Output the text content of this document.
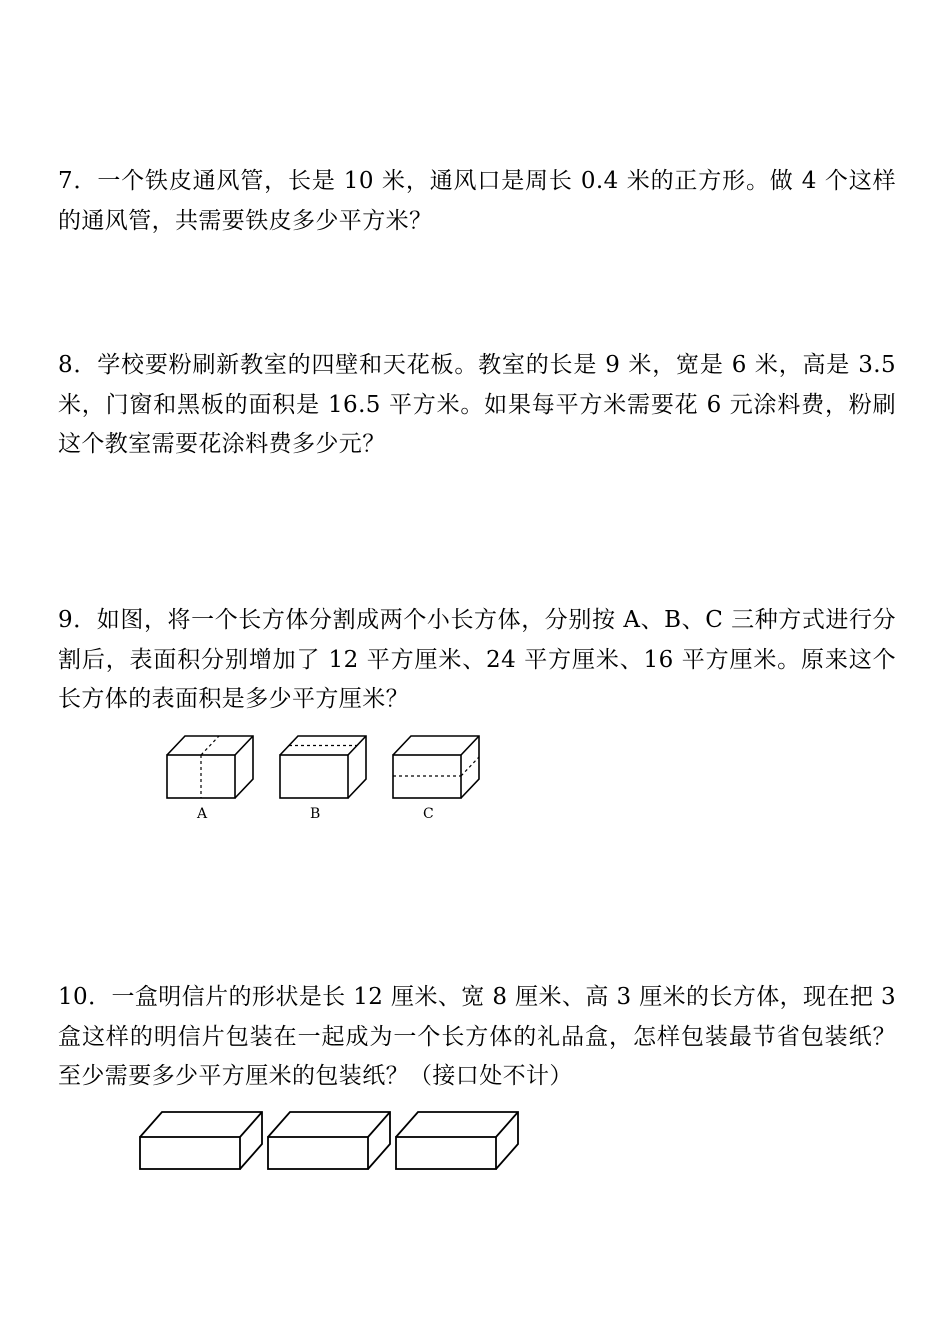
7．一个铁皮通风管，长是 10 米，通风口是周长 0.4 米的正方形。做 4 个这样的通风管，共需要铁皮多少平方米？

8．学校要粉刷新教室的四壁和天花板。教室的长是 9 米，宽是 6 米，高是 3.5 米，门窗和黑板的面积是 16.5 平方米。如果每平方米需要花 6 元涂料费，粉刷这个教室需要花涂料费多少元？

9．如图，将一个长方体分割成两个小长方体，分别按 A、B、C 三种方式进行分割后，表面积分别增加了 12 平方厘米、24 平方厘米、16 平方厘米。原来这个长方体的表面积是多少平方厘米？

A	B	C

10．一盒明信片的形状是长 12 厘米、宽 8 厘米、高 3 厘米的长方体，现在把 3 盒这样的明信片包装在一起成为一个长方体的礼品盒，怎样包装最节省包装纸？至少需要多少平方厘米的包装纸？（接口处不计）
